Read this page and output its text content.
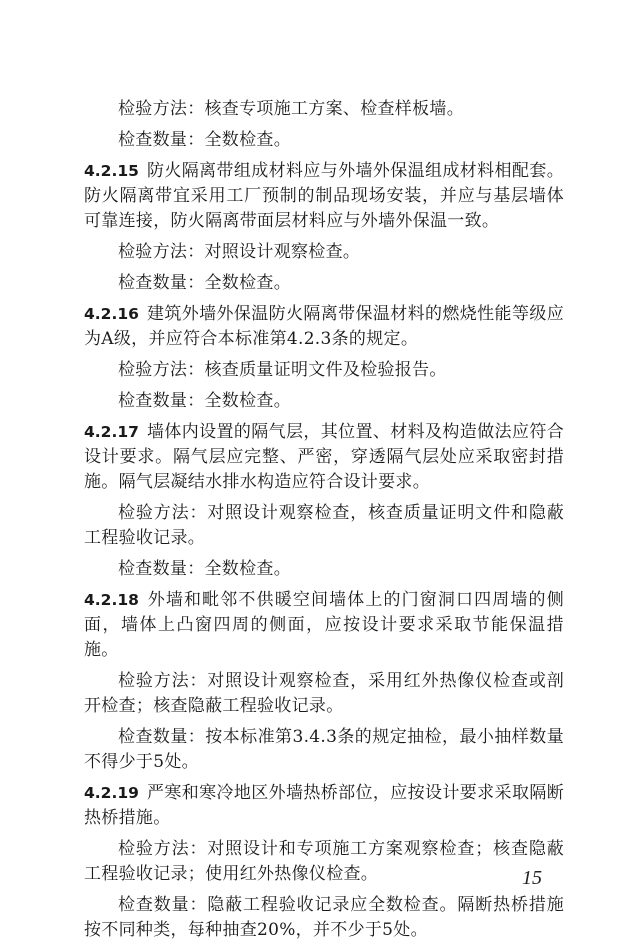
检验方法：核查专项施工方案、检查样板墙。

检查数量：全数检查。

4.2.15 防火隔离带组成材料应与外墙外保温组成材料相配套。防火隔离带宜采用工厂预制的制品现场安装，并应与基层墙体可靠连接，防火隔离带面层材料应与外墙外保温一致。

检验方法：对照设计观察检查。

检查数量：全数检查。

4.2.16 建筑外墙外保温防火隔离带保温材料的燃烧性能等级应为A级，并应符合本标准第4.2.3条的规定。

检验方法：核查质量证明文件及检验报告。

检查数量：全数检查。

4.2.17 墙体内设置的隔气层，其位置、材料及构造做法应符合设计要求。隔气层应完整、严密，穿透隔气层处应采取密封措施。隔气层凝结水排水构造应符合设计要求。

检验方法：对照设计观察检查，核查质量证明文件和隐蔽工程验收记录。

检查数量：全数检查。

4.2.18 外墙和毗邻不供暖空间墙体上的门窗洞口四周墙的侧面，墙体上凸窗四周的侧面，应按设计要求采取节能保温措施。

检验方法：对照设计观察检查，采用红外热像仪检查或剖开检查；核查隐蔽工程验收记录。

检查数量：按本标准第3.4.3条的规定抽检，最小抽样数量不得少于5处。

4.2.19 严寒和寒冷地区外墙热桥部位，应按设计要求采取隔断热桥措施。

检验方法：对照设计和专项施工方案观察检查；核查隐蔽工程验收记录；使用红外热像仪检查。

检查数量：隐蔽工程验收记录应全数检查。隔断热桥措施按不同种类，每种抽查20%，并不少于5处。

15
